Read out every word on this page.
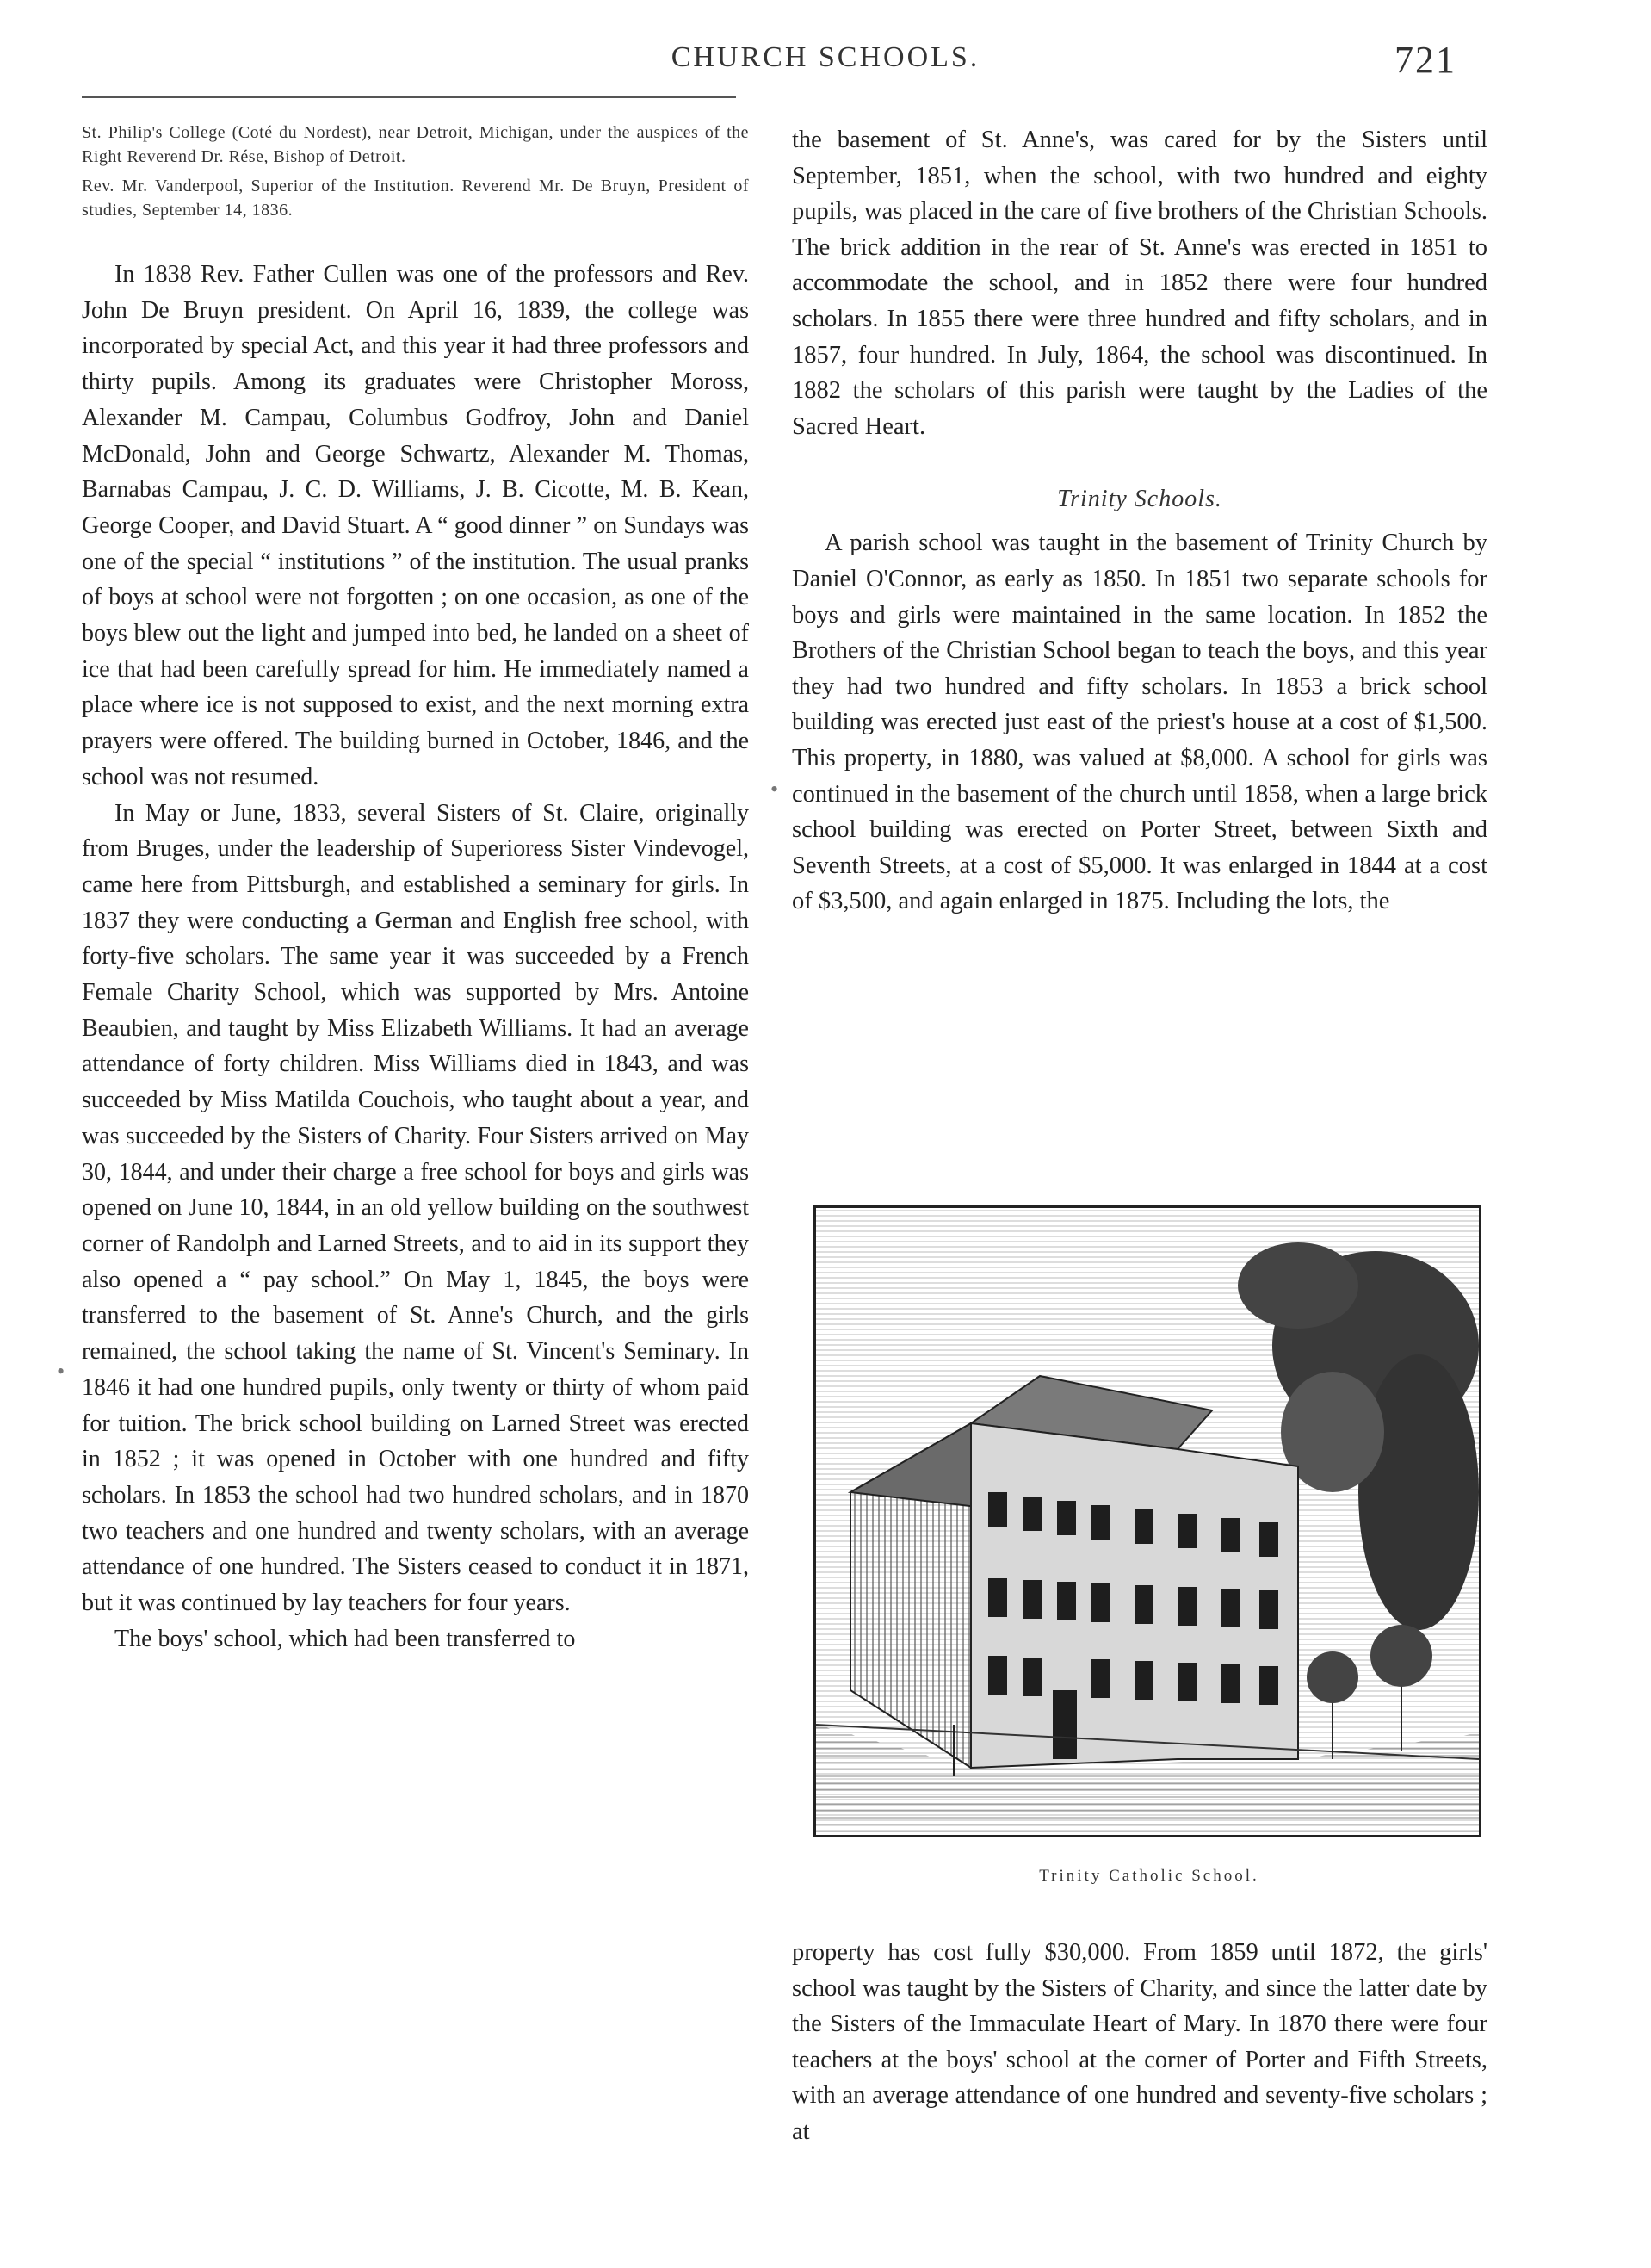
CHURCH SCHOOLS.	721

St. Philip's College (Coté du Nordest), near Detroit, Michigan, under the auspices of the Right Reverend Dr. Rése, Bishop of Detroit.

Rev. Mr. Vanderpool, Superior of the Institution. Reverend Mr. De Bruyn, President of studies, September 14, 1836.

In 1838 Rev. Father Cullen was one of the professors and Rev. John De Bruyn president. On April 16, 1839, the college was incorporated by special Act, and this year it had three professors and thirty pupils. Among its graduates were Christopher Moross, Alexander M. Campau, Columbus Godfroy, John and Daniel McDonald, John and George Schwartz, Alexander M. Thomas, Barnabas Campau, J. C. D. Williams, J. B. Cicotte, M. B. Kean, George Cooper, and David Stuart. A “ good dinner ” on Sundays was one of the special “ institutions ” of the institution. The usual pranks of boys at school were not forgotten ; on one occasion, as one of the boys blew out the light and jumped into bed, he landed on a sheet of ice that had been carefully spread for him. He immediately named a place where ice is not supposed to exist, and the next morning extra prayers were offered. The building burned in October, 1846, and the school was not resumed.

In May or June, 1833, several Sisters of St. Claire, originally from Bruges, under the leadership of Superioress Sister Vindevogel, came here from Pittsburgh, and established a seminary for girls. In 1837 they were conducting a German and English free school, with forty-five scholars. The same year it was succeeded by a French Female Charity School, which was supported by Mrs. Antoine Beaubien, and taught by Miss Elizabeth Williams. It had an average attendance of forty children. Miss Williams died in 1843, and was succeeded by Miss Matilda Couchois, who taught about a year, and was succeeded by the Sisters of Charity. Four Sisters arrived on May 30, 1844, and under their charge a free school for boys and girls was opened on June 10, 1844, in an old yellow building on the southwest corner of Randolph and Larned Streets, and to aid in its support they also opened a “ pay school.” On May 1, 1845, the boys were transferred to the basement of St. Anne's Church, and the girls remained, the school taking the name of St. Vincent's Seminary. In 1846 it had one hundred pupils, only twenty or thirty of whom paid for tuition. The brick school building on Larned Street was erected in 1852 ; it was opened in October with one hundred and fifty scholars. In 1853 the school had two hundred scholars, and in 1870 two teachers and one hundred and twenty scholars, with an average attendance of one hundred. The Sisters ceased to conduct it in 1871, but it was continued by lay teachers for four years.

The boys' school, which had been transferred to

the basement of St. Anne's, was cared for by the Sisters until September, 1851, when the school, with two hundred and eighty pupils, was placed in the care of five brothers of the Christian Schools. The brick addition in the rear of St. Anne's was erected in 1851 to accommodate the school, and in 1852 there were four hundred scholars. In 1855 there were three hundred and fifty scholars, and in 1857, four hundred. In July, 1864, the school was discontinued. In 1882 the scholars of this parish were taught by the Ladies of the Sacred Heart.

Trinity Schools.

A parish school was taught in the basement of Trinity Church by Daniel O'Connor, as early as 1850. In 1851 two separate schools for boys and girls were maintained in the same location. In 1852 the Brothers of the Christian School began to teach the boys, and this year they had two hundred and fifty scholars. In 1853 a brick school building was erected just east of the priest's house at a cost of $1,500. This property, in 1880, was valued at $8,000. A school for girls was continued in the basement of the church until 1858, when a large brick school building was erected on Porter Street, between Sixth and Seventh Streets, at a cost of $5,000. It was enlarged in 1844 at a cost of $3,500, and again enlarged in 1875. Including the lots, the

Trinity Catholic School.

property has cost fully $30,000. From 1859 until 1872, the girls' school was taught by the Sisters of Charity, and since the latter date by the Sisters of the Immaculate Heart of Mary. In 1870 there were four teachers at the boys' school at the corner of Porter and Fifth Streets, with an average attendance of one hundred and seventy-five scholars ; at

•
•
